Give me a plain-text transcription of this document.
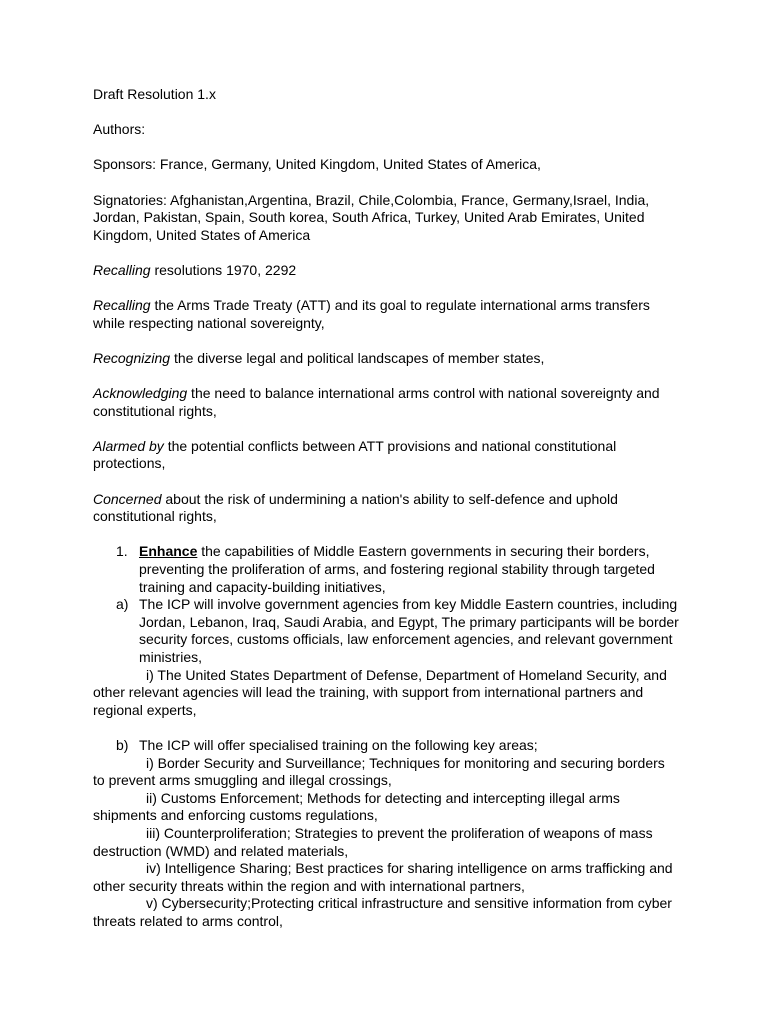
Draft Resolution 1.x

Authors:

Sponsors: France, Germany, United Kingdom, United States of America,

Signatories: Afghanistan,Argentina, Brazil, Chile,Colombia, France, Germany,Israel, India, Jordan, Pakistan, Spain, South korea, South Africa, Turkey, United Arab Emirates, United Kingdom, United States of America

Recalling resolutions 1970, 2292

Recalling the Arms Trade Treaty (ATT) and its goal to regulate international arms transfers while respecting national sovereignty,

Recognizing the diverse legal and political landscapes of member states,

Acknowledging the need to balance international arms control with national sovereignty and constitutional rights,

Alarmed by the potential conflicts between ATT provisions and national constitutional protections,

Concerned about the risk of undermining a nation's ability to self-defence and uphold constitutional rights,

1. Enhance the capabilities of Middle Eastern governments in securing their borders, preventing the proliferation of arms, and fostering regional stability through targeted training and capacity-building initiatives,
a) The ICP will involve government agencies from key Middle Eastern countries, including Jordan, Lebanon, Iraq, Saudi Arabia, and Egypt, The primary participants will be border security forces, customs officials, law enforcement agencies, and relevant government ministries,

i) The United States Department of Defense, Department of Homeland Security, and other relevant agencies will lead the training, with support from international partners and regional experts,

b) The ICP will offer specialised training on the following key areas;

i) Border Security and Surveillance; Techniques for monitoring and securing borders to prevent arms smuggling and illegal crossings,

ii) Customs Enforcement; Methods for detecting and intercepting illegal arms shipments and enforcing customs regulations,

iii) Counterproliferation; Strategies to prevent the proliferation of weapons of mass destruction (WMD) and related materials,

iv) Intelligence Sharing; Best practices for sharing intelligence on arms trafficking and other security threats within the region and with international partners,

v) Cybersecurity;Protecting critical infrastructure and sensitive information from cyber threats related to arms control,
